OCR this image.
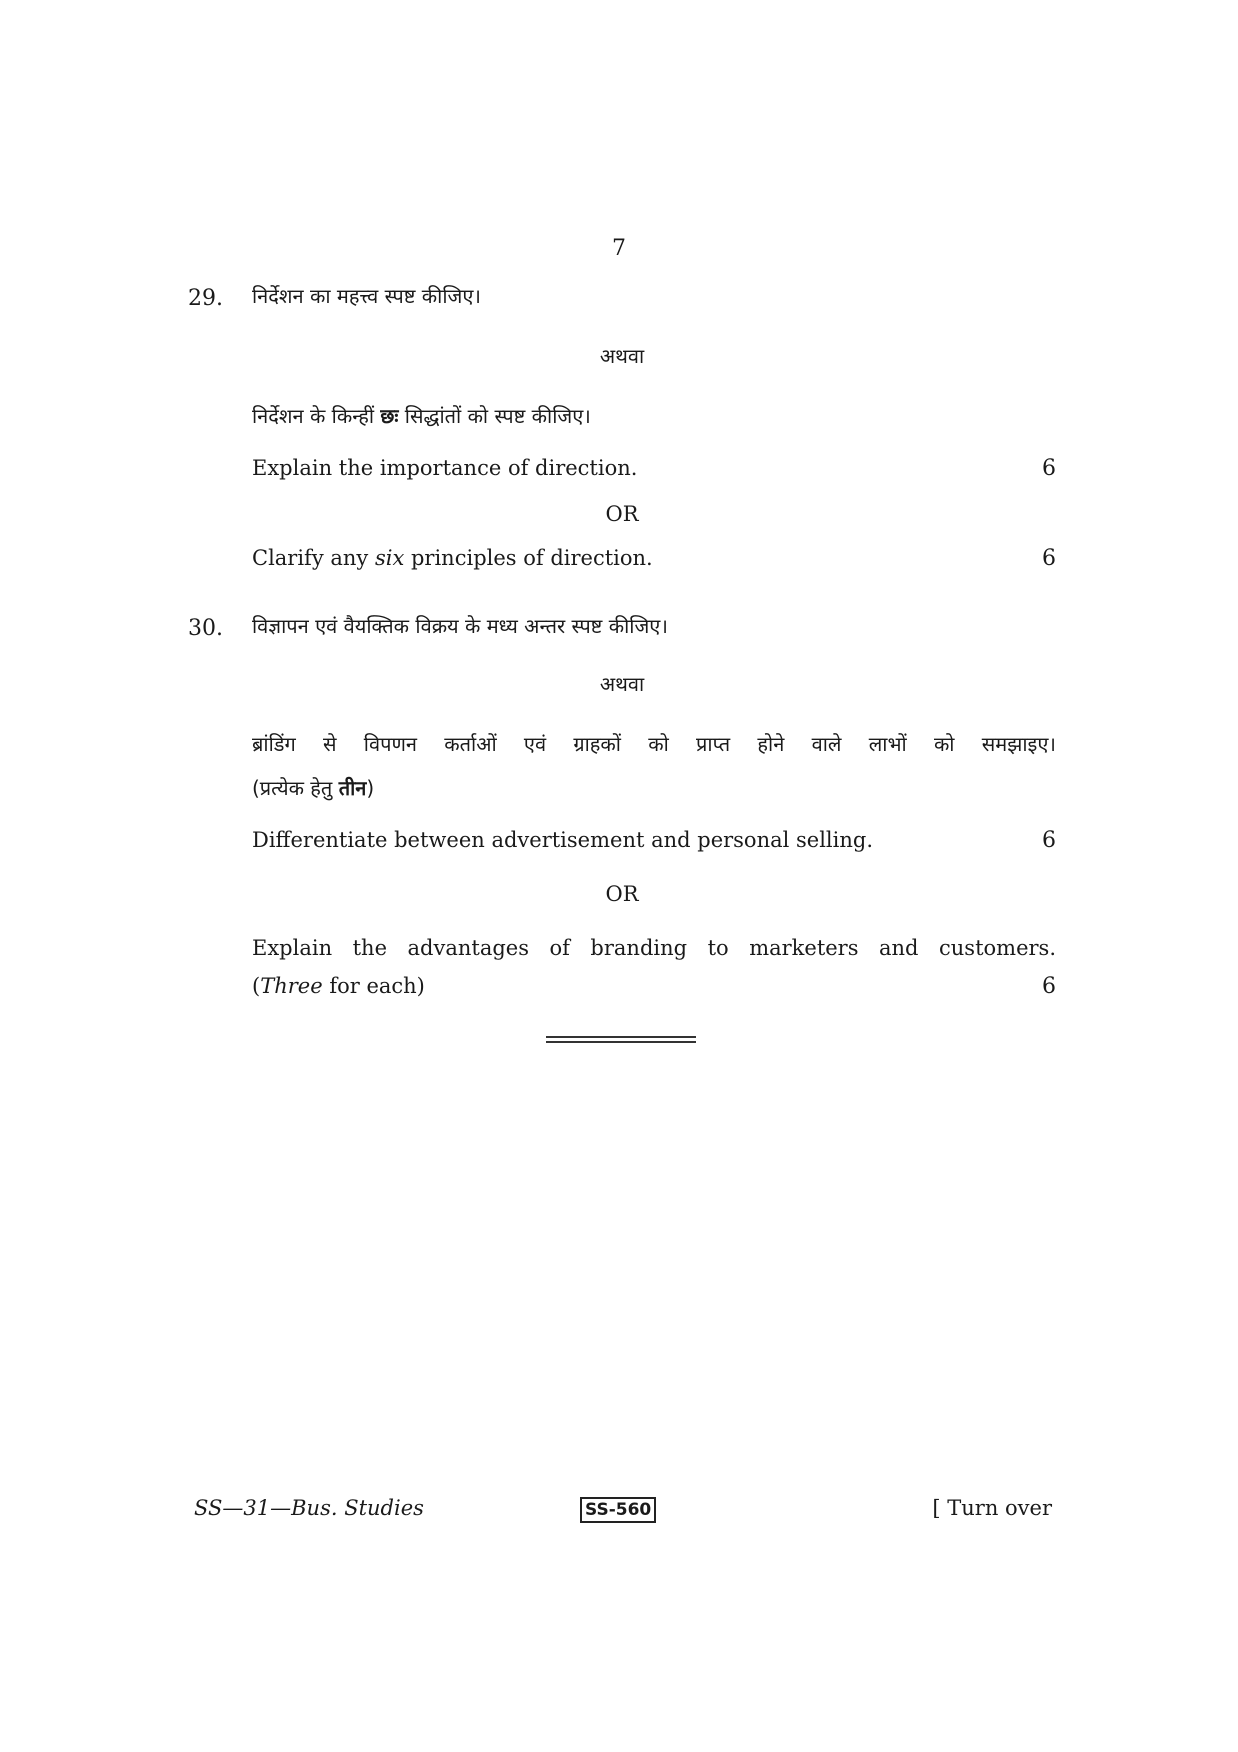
7
29. निर्देशन का महत्त्व स्पष्ट कीजिए।
अथवा
निर्देशन के किन्हीं छः सिद्धांतों को स्पष्ट कीजिए।
Explain the importance of direction.	6
OR
Clarify any six principles of direction.	6
30. विज्ञापन एवं वैयक्तिक विक्रय के मध्य अन्तर स्पष्ट कीजिए।
अथवा
ब्रांडिंग से विपणन कर्ताओं एवं ग्राहकों को प्राप्त होने वाले लाभों को समझाइए।
(प्रत्येक हेतु तीन)
Differentiate between advertisement and personal selling.	6
OR
Explain the advantages of branding to marketers and customers.
(Three for each)	6
SS—31—Bus. Studies	SS-560	[ Turn over
